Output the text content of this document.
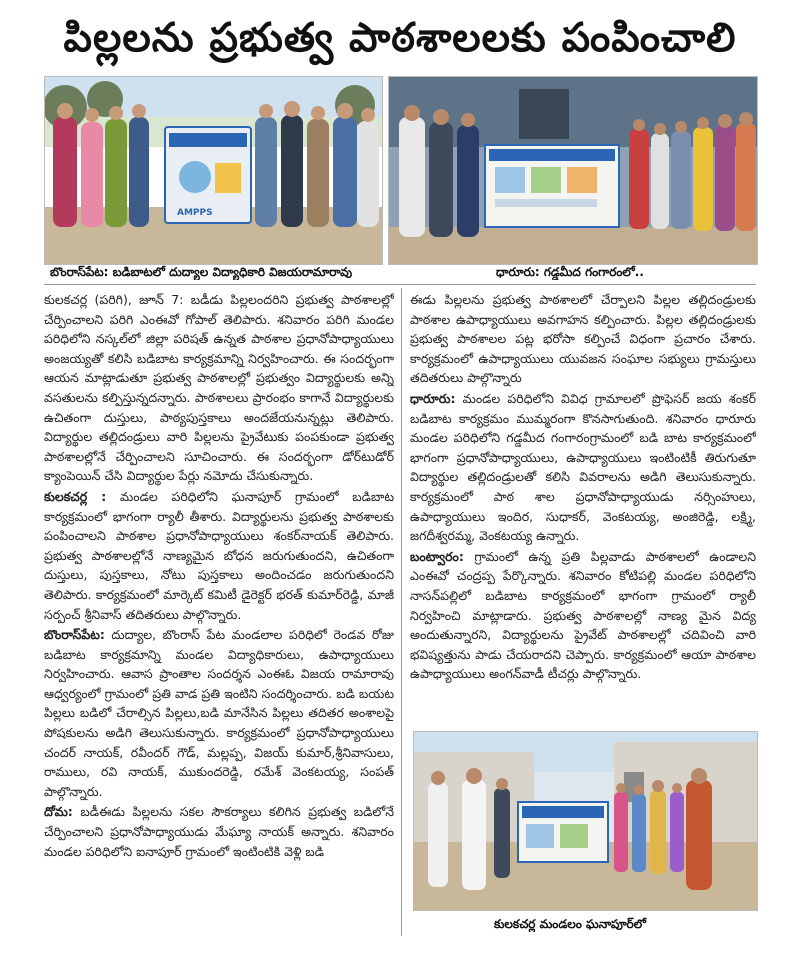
పిల్లలను ప్రభుత్వ పాఠశాలలకు పంపించాలి
AMPPS
బొంరాస్‌పేట: బడిబాటలో దుద్యాల విద్యాధికారి విజయరామారావు	ధారూరు: గడ్డమీద గంగారంలో..

కులకచర్ల (పరిగి), జూన్‌ 7: బడీడు పిల్లలందరిని ప్రభుత్వ పాఠశాలల్లో చేర్పించాలని పరిగి ఎంఈవో గోపాల్‌ తెలిపారు. శనివారం పరిగి మండల పరిధిలోని నస్కల్‌లో జిల్లా పరిషత్‌ ఉన్నత పాఠశాల ప్రధానోపాధ్యాయులు అంజయ్యతో కలిసి బడిబాట కార్యక్రమాన్ని నిర్వహించారు. ఈ సందర్భంగా ఆయన మాట్లాడుతూ ప్రభుత్వ పాఠశాలల్లో ప్రభుత్వం విద్యార్థులకు అన్ని వసతులను కల్పిస్తున్నదన్నారు. పాఠశాలలు ప్రారంభం కాగానే విద్యార్థులకు ఉచితంగా దుస్తులు, పాఠ్యపుస్తకాలు అందజేయనున్నట్లు తెలిపారు. విద్యార్థుల తల్లిదండ్రులు వారి పిల్లలను ప్రైవేటుకు పంపకుండా ప్రభుత్వ పాఠశాలల్లోనే చేర్పించాలని సూచించారు. ఈ సందర్భంగా డోర్‌టుడోర్‌ క్యాంపెయిన్‌ చేసి విద్యార్థుల పేర్లు నమోదు చేసుకున్నారు.

కులకచర్ల : మండల పరిధిలోని ఘనాపూర్‌ గ్రామంలో బడిబాట కార్యక్రమంలో భాగంగా ర్యాలీ తీశారు. విద్యార్థులను ప్రభుత్వ పాఠశాలకు పంపించాలని పాఠశాల ప్రధానోపాధ్యాయులు శంకర్‌నాయక్‌ తెలిపారు. ప్రభుత్వ పాఠశాలల్లోనే నాణ్యమైన బోధన జరుగుతుందని, ఉచితంగా దుస్తులు, పుస్తకాలు, నోటు పుస్తకాలు అందించడం జరుగుతుందని తెలిపారు. కార్యక్రమంలో మార్కెట్‌ కమిటీ డైరెక్టర్‌ భరత్‌ కుమార్‌రెడ్డి, మాజీ సర్పంచ్‌ శ్రీనివాస్‌ తదితరులు పాల్గొన్నారు.

బొంరాస్‌పేట: దుద్యాల, బొంరాస్‌ పేట మండలాల పరిధిలో రెండవ రోజు బడిబాట కార్యక్రమాన్ని మండల విద్యాధికారులు, ఉపాధ్యాయులు నిర్వహించారు. ఆవాస ప్రాంతాల సందర్శన ఎంఈఓ విజయ రామారావు ఆధ్వర్యంలో గ్రామంలో ప్రతి వాడ ప్రతి ఇంటిని సందర్శించారు. బడి బయట పిల్లలు బడిలో చేరాల్సిన పిల్లలు,బడి మానేసిన పిల్లలు తదితర అంశాలపై పోషకులను అడిగి తెలుసుకున్నారు. కార్యక్రమంలో ప్రధానోపాధ్యాయులు చందర్‌ నాయక్‌, రవీందర్‌ గౌడ్‌, మల్లప్ప, విజయ్‌ కుమార్‌,శ్రీనివాసులు, రాములు, రవి నాయక్‌, ముకుందరెడ్డి, రమేశ్‌ వెంకటయ్య, సంపత్‌ పాల్గొన్నారు.

దోమ: బడీఈడు పిల్లలను సకల సౌకర్యాలు కలిగిన ప్రభుత్వ బడిలోనే చేర్పించాలని ప్రధానోపాధ్యాయుడు మేఘ్యా నాయక్‌ అన్నారు. శనివారం మండల పరిధిలోని ఐనాపూర్‌ గ్రామంలో ఇంటింటికి వెళ్లి బడి

ఈడు పిల్లలను ప్రభుత్వ పాఠశాలలో చేర్పాలని పిల్లల తల్లిదండ్రులకు పాఠశాల ఉపాధ్యాయులు అవగాహన కల్పించారు. పిల్లల తల్లిదండ్రులకు ప్రభుత్వ పాఠశాలల పట్ల భరోసా కల్పించే విధంగా ప్రచారం చేశారు. కార్యక్రమంలో ఉపాధ్యాయులు యువజన సంఘాల సభ్యులు గ్రామస్తులు తదితరులు పాల్గొన్నారు

ధారూరు: మండల పరిధిలోని వివిధ గ్రామాలలో ప్రొఫెసర్‌ జయ శంకర్‌ బడిబాట కార్యక్రమం ముమ్మరంగా కొనసాగుతుంది. శనివారం ధారూరు మండల పరిధిలోని గడ్డమీద గంగారంగ్రామంలో బడి బాట కార్యక్రమంలో భాగంగా ప్రధానోపాధ్యాయులు, ఉపాధ్యాయులు ఇంటింటికీ తిరుగుతూ విద్యార్థుల తల్లిదండ్రులతో కలిసి వివరాలను అడిగి తెలుసుకున్నారు. కార్యక్రమంలో పాఠ శాల ప్రధానోపాధ్యాయుడు నర్సింహులు, ఉపాధ్యాయులు ఇందిర, సుధాకర్‌, వెంకటయ్య, అంజిరెడ్డి, లక్ష్మి, జగదీశ్వరమ్మ, వెంకటయ్య ఉన్నారు.

బంట్వారం: గ్రామంలో ఉన్న ప్రతి పిల్లవాడు పాఠశాలలో ఉండాలని ఎంఈవో చంద్రప్ప పేర్కొన్నారు. శనివారం కోటిపల్లి మండల పరిధిలోని నాసన్‌పల్లిలో బడిబాట కార్యక్రమంలో భాగంగా గ్రామంలో ర్యాలీ నిర్వహించి మాట్లాడారు. ప్రభుత్వ పాఠశాలల్లో నాణ్య మైన విద్య అందుతున్నారని, విద్యార్థులను ప్రైవేట్‌ పాఠశాలల్లో చదివించి వారి భవిష్యత్తును పాడు చేయరాదని చెప్పారు. కార్యక్రమంలో ఆయా పాఠశాల ఉపాధ్యాయులు అంగన్‌వాడీ టీచర్లు పాల్గొన్నారు.

కులకచర్ల మండలం ఘనాపూర్‌లో
